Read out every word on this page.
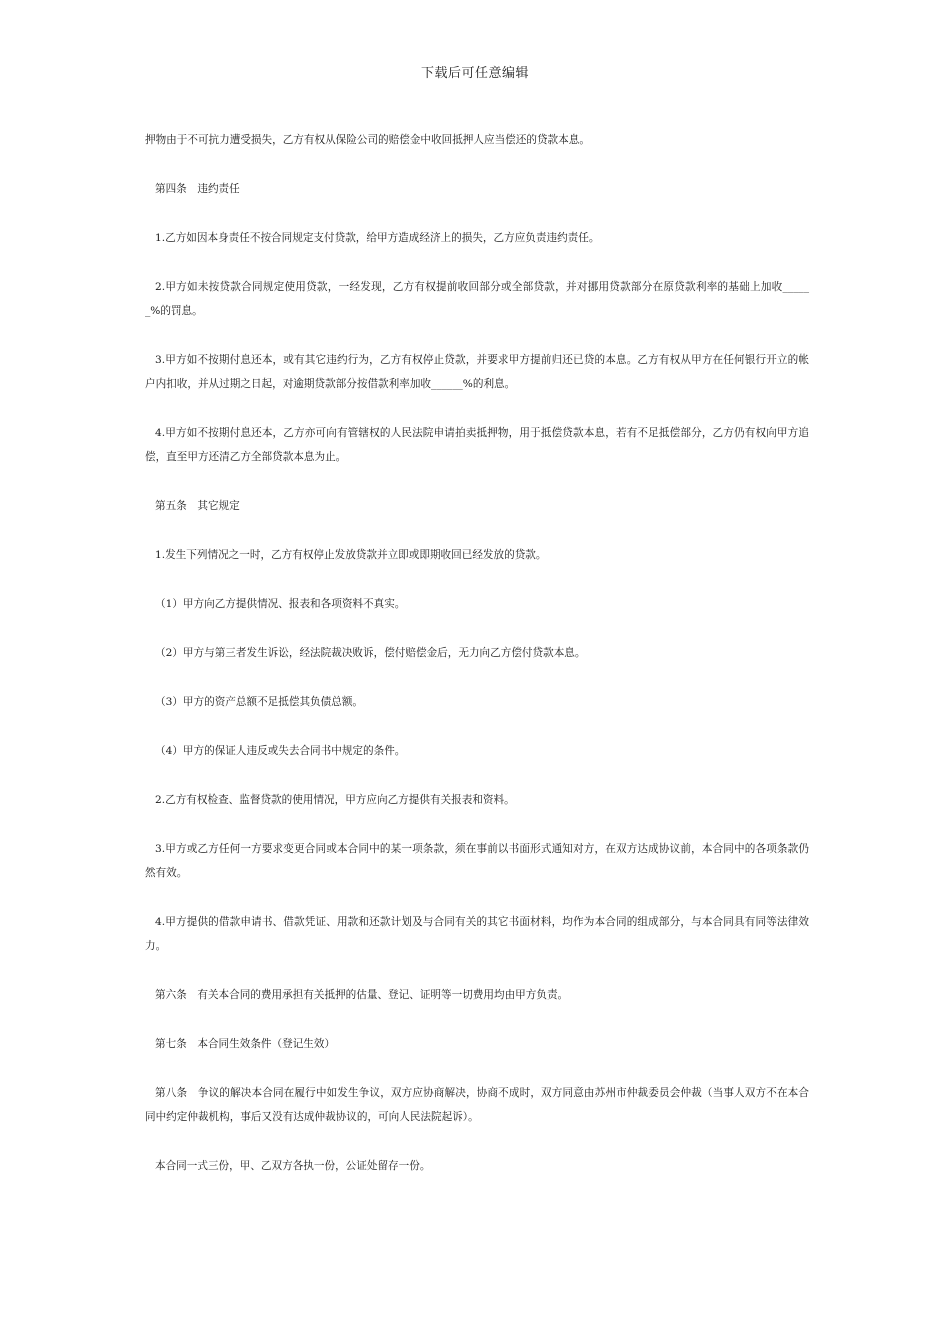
下载后可任意编辑

押物由于不可抗力遭受损失，乙方有权从保险公司的赔偿金中收回抵押人应当偿还的贷款本息。

第四条　违约责任

1.乙方如因本身责任不按合同规定支付贷款，给甲方造成经济上的损失，乙方应负责违约责任。

2.甲方如未按贷款合同规定使用贷款，一经发现，乙方有权提前收回部分或全部贷款，并对挪用贷款部分在原贷款利率的基础上加收______%的罚息。

3.甲方如不按期付息还本，或有其它违约行为，乙方有权停止贷款，并要求甲方提前归还已贷的本息。乙方有权从甲方在任何银行开立的帐户内扣收，并从过期之日起，对逾期贷款部分按借款利率加收______%的利息。

4.甲方如不按期付息还本，乙方亦可向有管辖权的人民法院申请拍卖抵押物，用于抵偿贷款本息，若有不足抵偿部分，乙方仍有权向甲方追偿，直至甲方还清乙方全部贷款本息为止。

第五条　其它规定

1.发生下列情况之一时，乙方有权停止发放贷款并立即或即期收回已经发放的贷款。

（1）甲方向乙方提供情况、报表和各项资料不真实。

（2）甲方与第三者发生诉讼，经法院裁决败诉，偿付赔偿金后，无力向乙方偿付贷款本息。

（3）甲方的资产总额不足抵偿其负债总额。

（4）甲方的保证人违反或失去合同书中规定的条件。

2.乙方有权检查、监督贷款的使用情况，甲方应向乙方提供有关报表和资料。

3.甲方或乙方任何一方要求变更合同或本合同中的某一项条款，须在事前以书面形式通知对方，在双方达成协议前，本合同中的各项条款仍然有效。

4.甲方提供的借款申请书、借款凭证、用款和还款计划及与合同有关的其它书面材料，均作为本合同的组成部分，与本合同具有同等法律效力。

第六条　有关本合同的费用承担有关抵押的估量、登记、证明等一切费用均由甲方负责。

第七条　本合同生效条件（登记生效）

第八条　争议的解决本合同在履行中如发生争议，双方应协商解决，协商不成时，双方同意由苏州市仲裁委员会仲裁（当事人双方不在本合同中约定仲裁机构，事后又没有达成仲裁协议的，可向人民法院起诉）。

本合同一式三份，甲、乙双方各执一份，公证处留存一份。
